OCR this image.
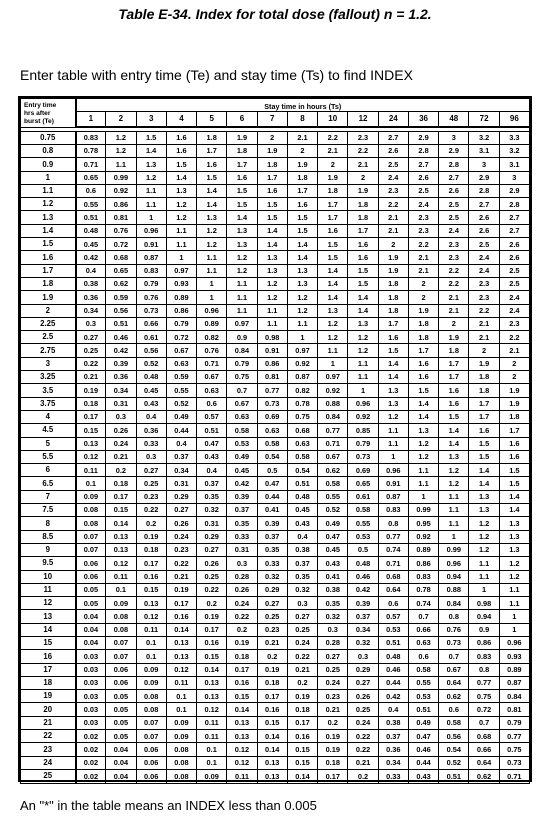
Table E-34. Index for total dose (fallout) n = 1.2.
Enter table with entry time (Te) and stay time (Ts) to find INDEX
Entry time
hrs after
burst (Te)	Stay time in hours (Ts)														
	1	2	3	4	5	6	7	8	10	12	24	36	48	72	96

0.75	0.83	1.2	1.5	1.6	1.8	1.9	2	2.1	2.2	2.3	2.7	2.9	3	3.2	3.3
0.8	0.78	1.2	1.4	1.6	1.7	1.8	1.9	2	2.1	2.2	2.6	2.8	2.9	3.1	3.2
0.9	0.71	1.1	1.3	1.5	1.6	1.7	1.8	1.9	2	2.1	2.5	2.7	2.8	3	3.1
1	0.65	0.99	1.2	1.4	1.5	1.6	1.7	1.8	1.9	2	2.4	2.6	2.7	2.9	3
1.1	0.6	0.92	1.1	1.3	1.4	1.5	1.6	1.7	1.8	1.9	2.3	2.5	2.6	2.8	2.9
1.2	0.55	0.86	1.1	1.2	1.4	1.5	1.5	1.6	1.7	1.8	2.2	2.4	2.5	2.7	2.8
1.3	0.51	0.81	1	1.2	1.3	1.4	1.5	1.5	1.7	1.8	2.1	2.3	2.5	2.6	2.7
1.4	0.48	0.76	0.96	1.1	1.2	1.3	1.4	1.5	1.6	1.7	2.1	2.3	2.4	2.6	2.7
1.5	0.45	0.72	0.91	1.1	1.2	1.3	1.4	1.4	1.5	1.6	2	2.2	2.3	2.5	2.6
1.6	0.42	0.68	0.87	1	1.1	1.2	1.3	1.4	1.5	1.6	1.9	2.1	2.3	2.4	2.6
1.7	0.4	0.65	0.83	0.97	1.1	1.2	1.3	1.3	1.4	1.5	1.9	2.1	2.2	2.4	2.5
1.8	0.38	0.62	0.79	0.93	1	1.1	1.2	1.3	1.4	1.5	1.8	2	2.2	2.3	2.5
1.9	0.36	0.59	0.76	0.89	1	1.1	1.2	1.2	1.4	1.4	1.8	2	2.1	2.3	2.4
2	0.34	0.56	0.73	0.86	0.96	1.1	1.1	1.2	1.3	1.4	1.8	1.9	2.1	2.2	2.4
2.25	0.3	0.51	0.66	0.79	0.89	0.97	1.1	1.1	1.2	1.3	1.7	1.8	2	2.1	2.3
2.5	0.27	0.46	0.61	0.72	0.82	0.9	0.98	1	1.2	1.2	1.6	1.8	1.9	2.1	2.2
2.75	0.25	0.42	0.56	0.67	0.76	0.84	0.91	0.97	1.1	1.2	1.5	1.7	1.8	2	2.1
3	0.22	0.39	0.52	0.63	0.71	0.79	0.86	0.92	1	1.1	1.4	1.6	1.7	1.9	2
3.25	0.21	0.36	0.48	0.59	0.67	0.75	0.81	0.87	0.97	1.1	1.4	1.6	1.7	1.8	2
3.5	0.19	0.34	0.45	0.55	0.63	0.7	0.77	0.82	0.92	1	1.3	1.5	1.6	1.8	1.9
3.75	0.18	0.31	0.43	0.52	0.6	0.67	0.73	0.78	0.88	0.96	1.3	1.4	1.6	1.7	1.9
4	0.17	0.3	0.4	0.49	0.57	0.63	0.69	0.75	0.84	0.92	1.2	1.4	1.5	1.7	1.8
4.5	0.15	0.26	0.36	0.44	0.51	0.58	0.63	0.68	0.77	0.85	1.1	1.3	1.4	1.6	1.7
5	0.13	0.24	0.33	0.4	0.47	0.53	0.58	0.63	0.71	0.79	1.1	1.2	1.4	1.5	1.6
5.5	0.12	0.21	0.3	0.37	0.43	0.49	0.54	0.58	0.67	0.73	1	1.2	1.3	1.5	1.6
6	0.11	0.2	0.27	0.34	0.4	0.45	0.5	0.54	0.62	0.69	0.96	1.1	1.2	1.4	1.5
6.5	0.1	0.18	0.25	0.31	0.37	0.42	0.47	0.51	0.58	0.65	0.91	1.1	1.2	1.4	1.5
7	0.09	0.17	0.23	0.29	0.35	0.39	0.44	0.48	0.55	0.61	0.87	1	1.1	1.3	1.4
7.5	0.08	0.15	0.22	0.27	0.32	0.37	0.41	0.45	0.52	0.58	0.83	0.99	1.1	1.3	1.4
8	0.08	0.14	0.2	0.26	0.31	0.35	0.39	0.43	0.49	0.55	0.8	0.95	1.1	1.2	1.3
8.5	0.07	0.13	0.19	0.24	0.29	0.33	0.37	0.4	0.47	0.53	0.77	0.92	1	1.2	1.3
9	0.07	0.13	0.18	0.23	0.27	0.31	0.35	0.38	0.45	0.5	0.74	0.89	0.99	1.2	1.3
9.5	0.06	0.12	0.17	0.22	0.26	0.3	0.33	0.37	0.43	0.48	0.71	0.86	0.96	1.1	1.2
10	0.06	0.11	0.16	0.21	0.25	0.28	0.32	0.35	0.41	0.46	0.68	0.83	0.94	1.1	1.2
11	0.05	0.1	0.15	0.19	0.22	0.26	0.29	0.32	0.38	0.42	0.64	0.78	0.88	1	1.1
12	0.05	0.09	0.13	0.17	0.2	0.24	0.27	0.3	0.35	0.39	0.6	0.74	0.84	0.98	1.1
13	0.04	0.08	0.12	0.16	0.19	0.22	0.25	0.27	0.32	0.37	0.57	0.7	0.8	0.94	1
14	0.04	0.08	0.11	0.14	0.17	0.2	0.23	0.25	0.3	0.34	0.53	0.66	0.76	0.9	1
15	0.04	0.07	0.1	0.13	0.16	0.19	0.21	0.24	0.28	0.32	0.51	0.63	0.73	0.86	0.96
16	0.03	0.07	0.1	0.13	0.15	0.18	0.2	0.22	0.27	0.3	0.48	0.6	0.7	0.83	0.93
17	0.03	0.06	0.09	0.12	0.14	0.17	0.19	0.21	0.25	0.29	0.46	0.58	0.67	0.8	0.89
18	0.03	0.06	0.09	0.11	0.13	0.16	0.18	0.2	0.24	0.27	0.44	0.55	0.64	0.77	0.87
19	0.03	0.05	0.08	0.1	0.13	0.15	0.17	0.19	0.23	0.26	0.42	0.53	0.62	0.75	0.84
20	0.03	0.05	0.08	0.1	0.12	0.14	0.16	0.18	0.21	0.25	0.4	0.51	0.6	0.72	0.81
21	0.03	0.05	0.07	0.09	0.11	0.13	0.15	0.17	0.2	0.24	0.38	0.49	0.58	0.7	0.79
22	0.02	0.05	0.07	0.09	0.11	0.13	0.14	0.16	0.19	0.22	0.37	0.47	0.56	0.68	0.77
23	0.02	0.04	0.06	0.08	0.1	0.12	0.14	0.15	0.19	0.22	0.36	0.46	0.54	0.66	0.75
24	0.02	0.04	0.06	0.08	0.1	0.12	0.13	0.15	0.18	0.21	0.34	0.44	0.52	0.64	0.73
25	0.02	0.04	0.06	0.08	0.09	0.11	0.13	0.14	0.17	0.2	0.33	0.43	0.51	0.62	0.71
An "*" in the table means an INDEX less than 0.005
